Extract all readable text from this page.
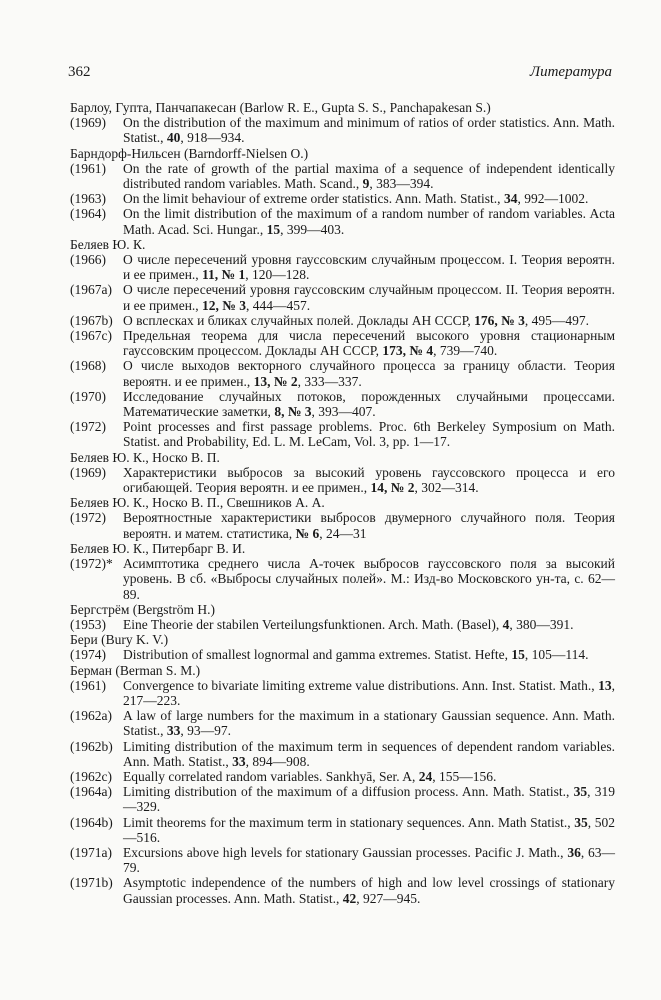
362	Литература
Барлоу, Гупта, Панчапакесан (Barlow R. E., Gupta S. S., Panchapakesan S.)
(1969) On the distribution of the maximum and minimum of ratios of order statistics. Ann. Math. Statist., 40, 918—934.
Барндорф-Нильсен (Barndorff-Nielsen O.)
(1961) On the rate of growth of the partial maxima of a sequence of independent identically distributed random variables. Math. Scand., 9, 383—394.
(1963) On the limit behaviour of extreme order statistics. Ann. Math. Statist., 34, 992—1002.
(1964) On the limit distribution of the maximum of a random number of random variables. Acta Math. Acad. Sci. Hungar., 15, 399—403.
Беляев Ю. К.
(1966) О числе пересечений уровня гауссовским случайным процессом. I. Теория вероятн. и ее примен., 11, № 1, 120—128.
(1967a) О числе пересечений уровня гауссовским случайным процессом. II. Теория вероятн. и ее примен., 12, № 3, 444—457.
(1967b) О всплесках и бликах случайных полей. Доклады АН СССР, 176, № 3, 495—497.
(1967c) Предельная теорема для числа пересечений высокого уровня стационарным гауссовским процессом. Доклады АН СССР, 173, № 4, 739—740.
(1968) О числе выходов векторного случайного процесса за границу области. Теория вероятн. и ее примен., 13, № 2, 333—337.
(1970) Исследование случайных потоков, порожденных случайными процессами. Математические заметки, 8, № 3, 393—407.
(1972) Point processes and first passage problems. Proc. 6th Berkeley Symposium on Math. Statist. and Probability, Ed. L. M. LeCam, Vol. 3, pp. 1—17.
Беляев Ю. К., Носко В. П.
(1969) Характеристики выбросов за высокий уровень гауссовского процесса и его огибающей. Теория вероятн. и ее примен., 14, № 2, 302—314.
Беляев Ю. К., Носко В. П., Свешников А. А.
(1972) Вероятностные характеристики выбросов двумерного случайного поля. Теория вероятн. и матем. статистика, № 6, 24—31
Беляев Ю. К., Питербарг В. И.
(1972)* Асимптотика среднего числа А-точек выбросов гауссовского поля за высокий уровень. В сб. «Выбросы случайных полей». М.: Изд-во Московского ун-та, с. 62—89.
Бергстрём (Bergström H.)
(1953) Eine Theorie der stabilen Verteilungsfunktionen. Arch. Math. (Basel), 4, 380—391.
Бери (Bury K. V.)
(1974) Distribution of smallest lognormal and gamma extremes. Statist. Hefte, 15, 105—114.
Берман (Berman S. M.)
(1961) Convergence to bivariate limiting extreme value distributions. Ann. Inst. Statist. Math., 13, 217—223.
(1962a) A law of large numbers for the maximum in a stationary Gaussian sequence. Ann. Math. Statist., 33, 93—97.
(1962b) Limiting distribution of the maximum term in sequences of dependent random variables. Ann. Math. Statist., 33, 894—908.
(1962c) Equally correlated random variables. Sankhyā, Ser. A, 24, 155—156.
(1964a) Limiting distribution of the maximum of a diffusion process. Ann. Math. Statist., 35, 319—329.
(1964b) Limit theorems for the maximum term in stationary sequences. Ann. Math Statist., 35, 502—516.
(1971a) Excursions above high levels for stationary Gaussian processes. Pacific J. Math., 36, 63—79.
(1971b) Asymptotic independence of the numbers of high and low level crossings of stationary Gaussian processes. Ann. Math. Statist., 42, 927—945.
